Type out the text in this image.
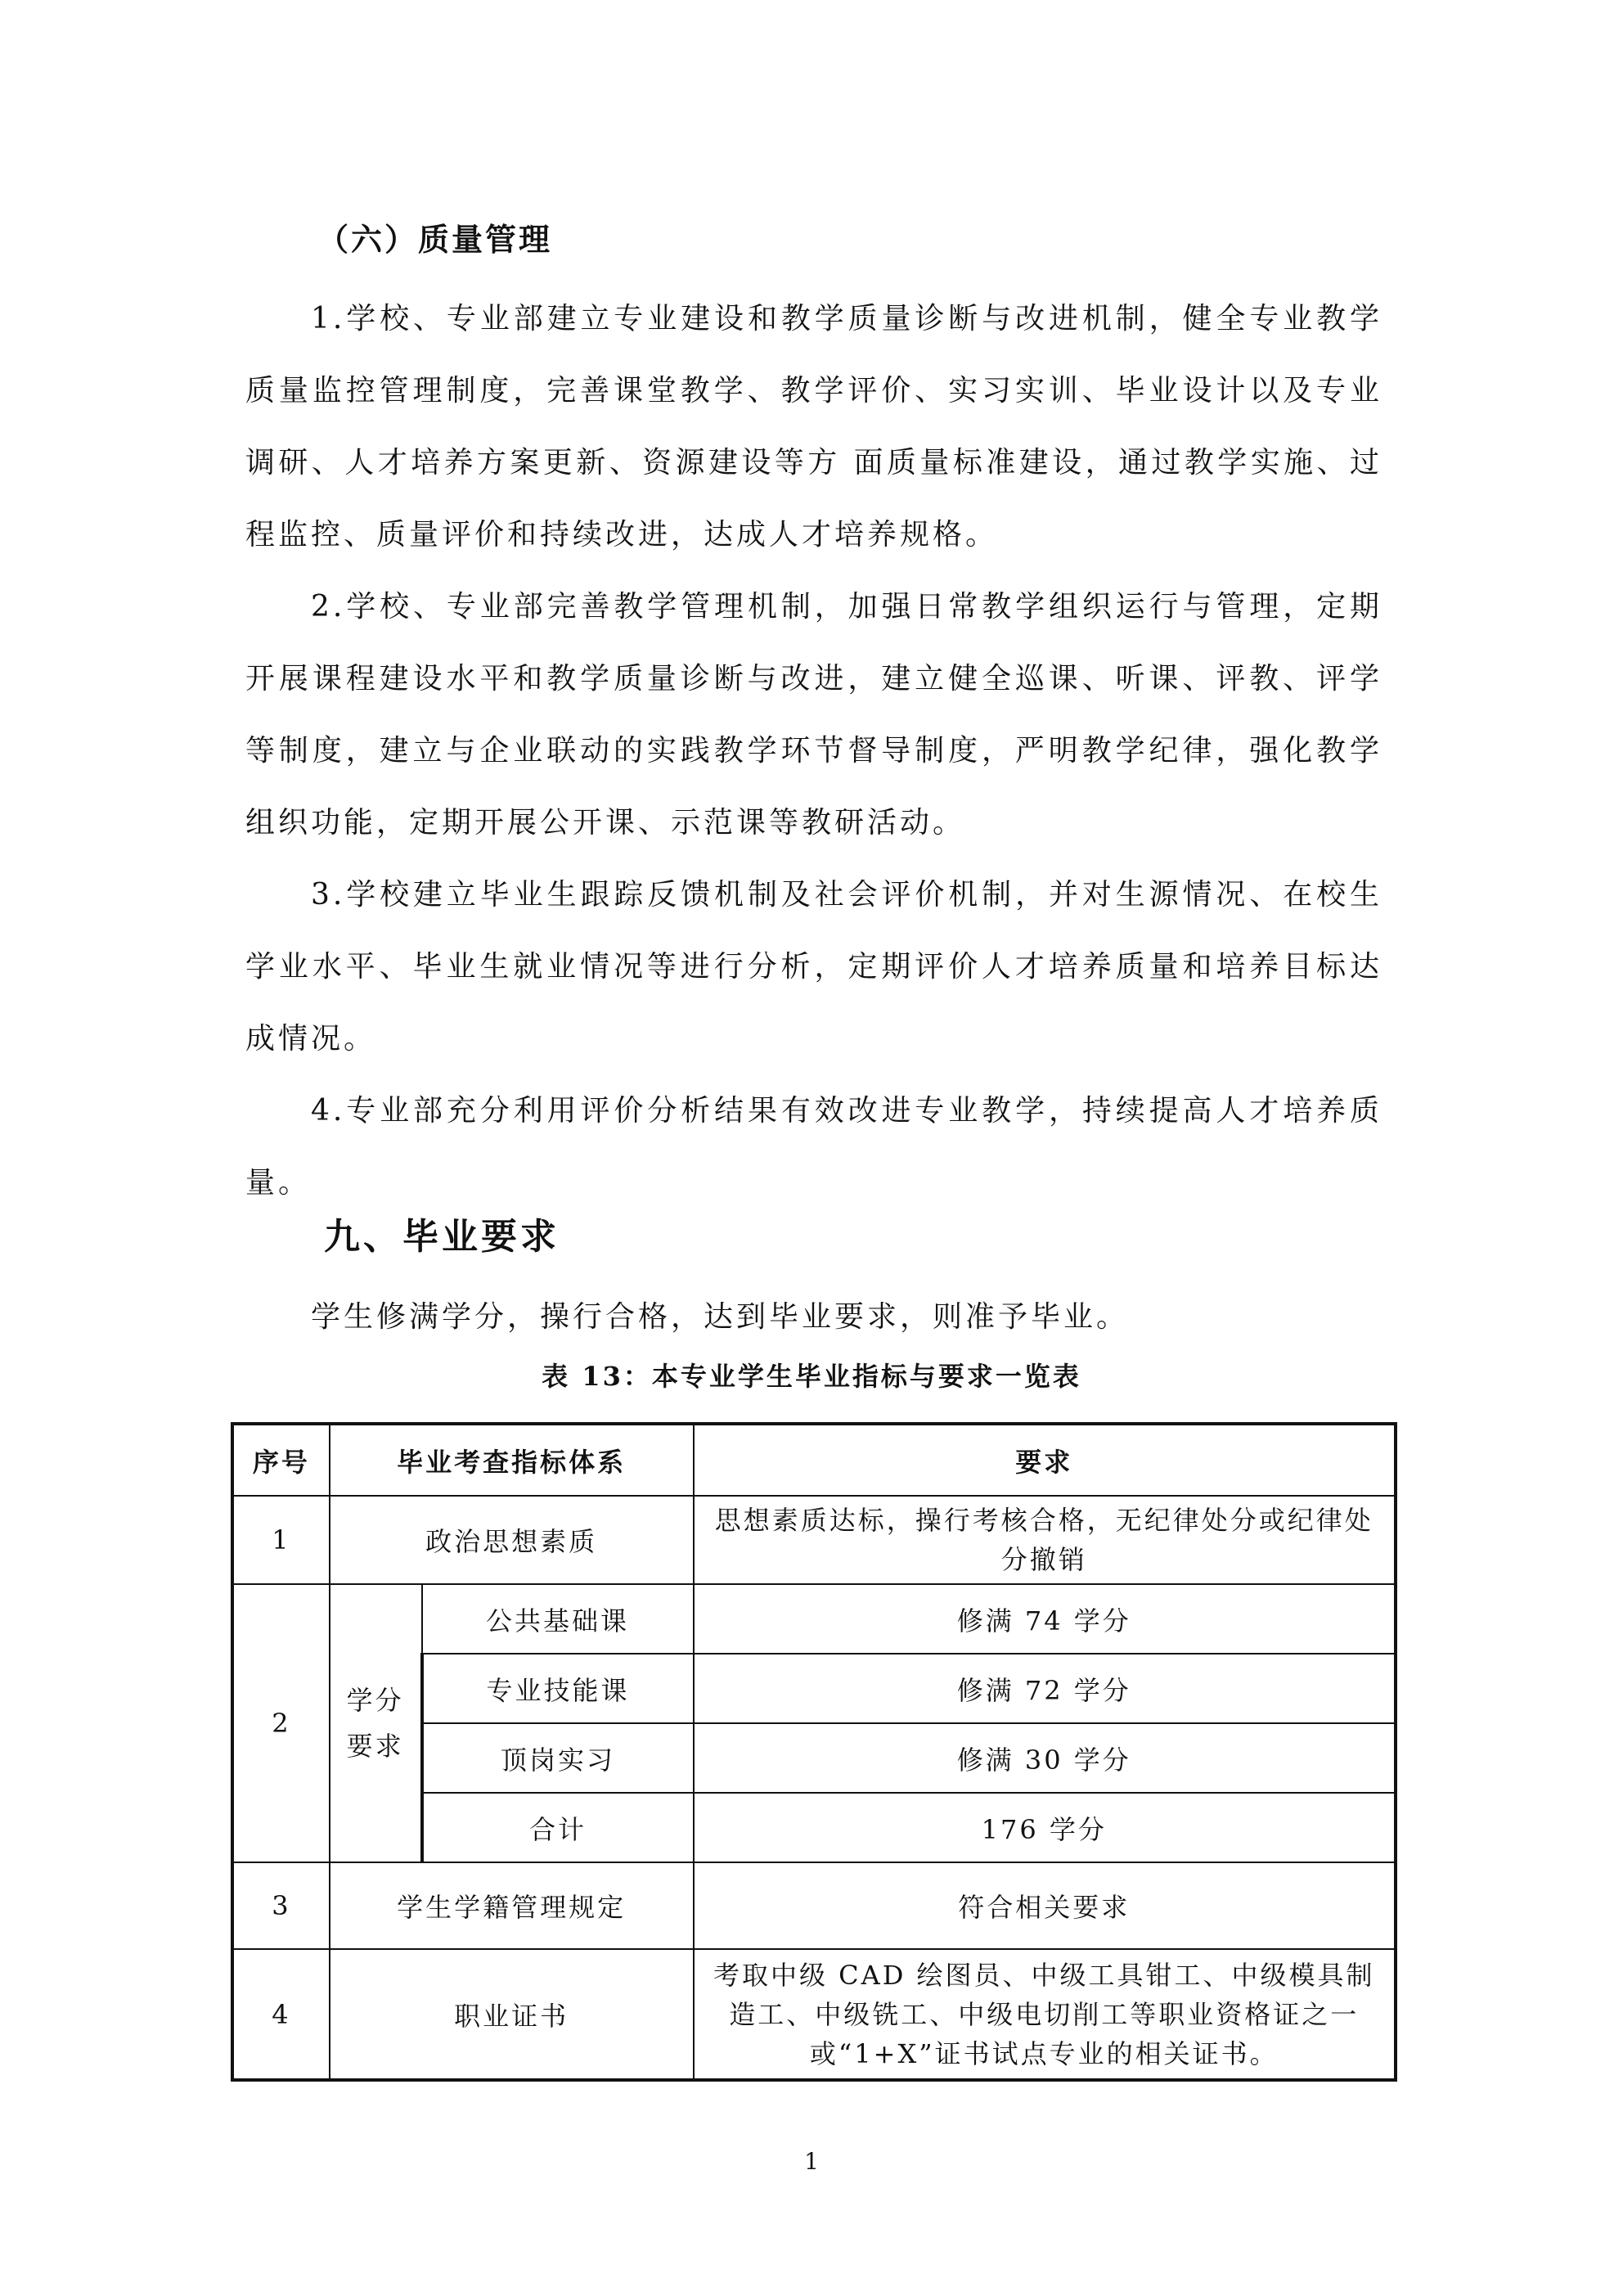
（六）质量管理

1.学校、专业部建立专业建设和教学质量诊断与改进机制，健全专业教学质量监控管理制度，完善课堂教学、教学评价、实习实训、毕业设计以及专业调研、人才培养方案更新、资源建设等方 面质量标准建设，通过教学实施、过程监控、质量评价和持续改进，达成人才培养规格。

2.学校、专业部完善教学管理机制，加强日常教学组织运行与管理，定期开展课程建设水平和教学质量诊断与改进，建立健全巡课、听课、评教、评学等制度，建立与企业联动的实践教学环节督导制度，严明教学纪律，强化教学组织功能，定期开展公开课、示范课等教研活动。

3.学校建立毕业生跟踪反馈机制及社会评价机制，并对生源情况、在校生学业水平、毕业生就业情况等进行分析，定期评价人才培养质量和培养目标达成情况。

4.专业部充分利用评价分析结果有效改进专业教学，持续提高人才培养质量。

九、毕业要求

学生修满学分，操行合格，达到毕业要求，则准予毕业。

表 13：本专业学生毕业指标与要求一览表
序号	毕业考查指标体系		要求
1	政治思想素质		思想素质达标，操行考核合格，无纪律处分或纪律处分撤销
2	学分要求	公共基础课	修满 74 学分
		专业技能课	修满 72 学分
		顶岗实习	修满 30 学分
		合计	176 学分
3	学生学籍管理规定		符合相关要求
4	职业证书		考取中级 CAD 绘图员、中级工具钳工、中级模具制造工、中级铣工、中级电切削工等职业资格证之一或“1+X”证书试点专业的相关证书。
1
